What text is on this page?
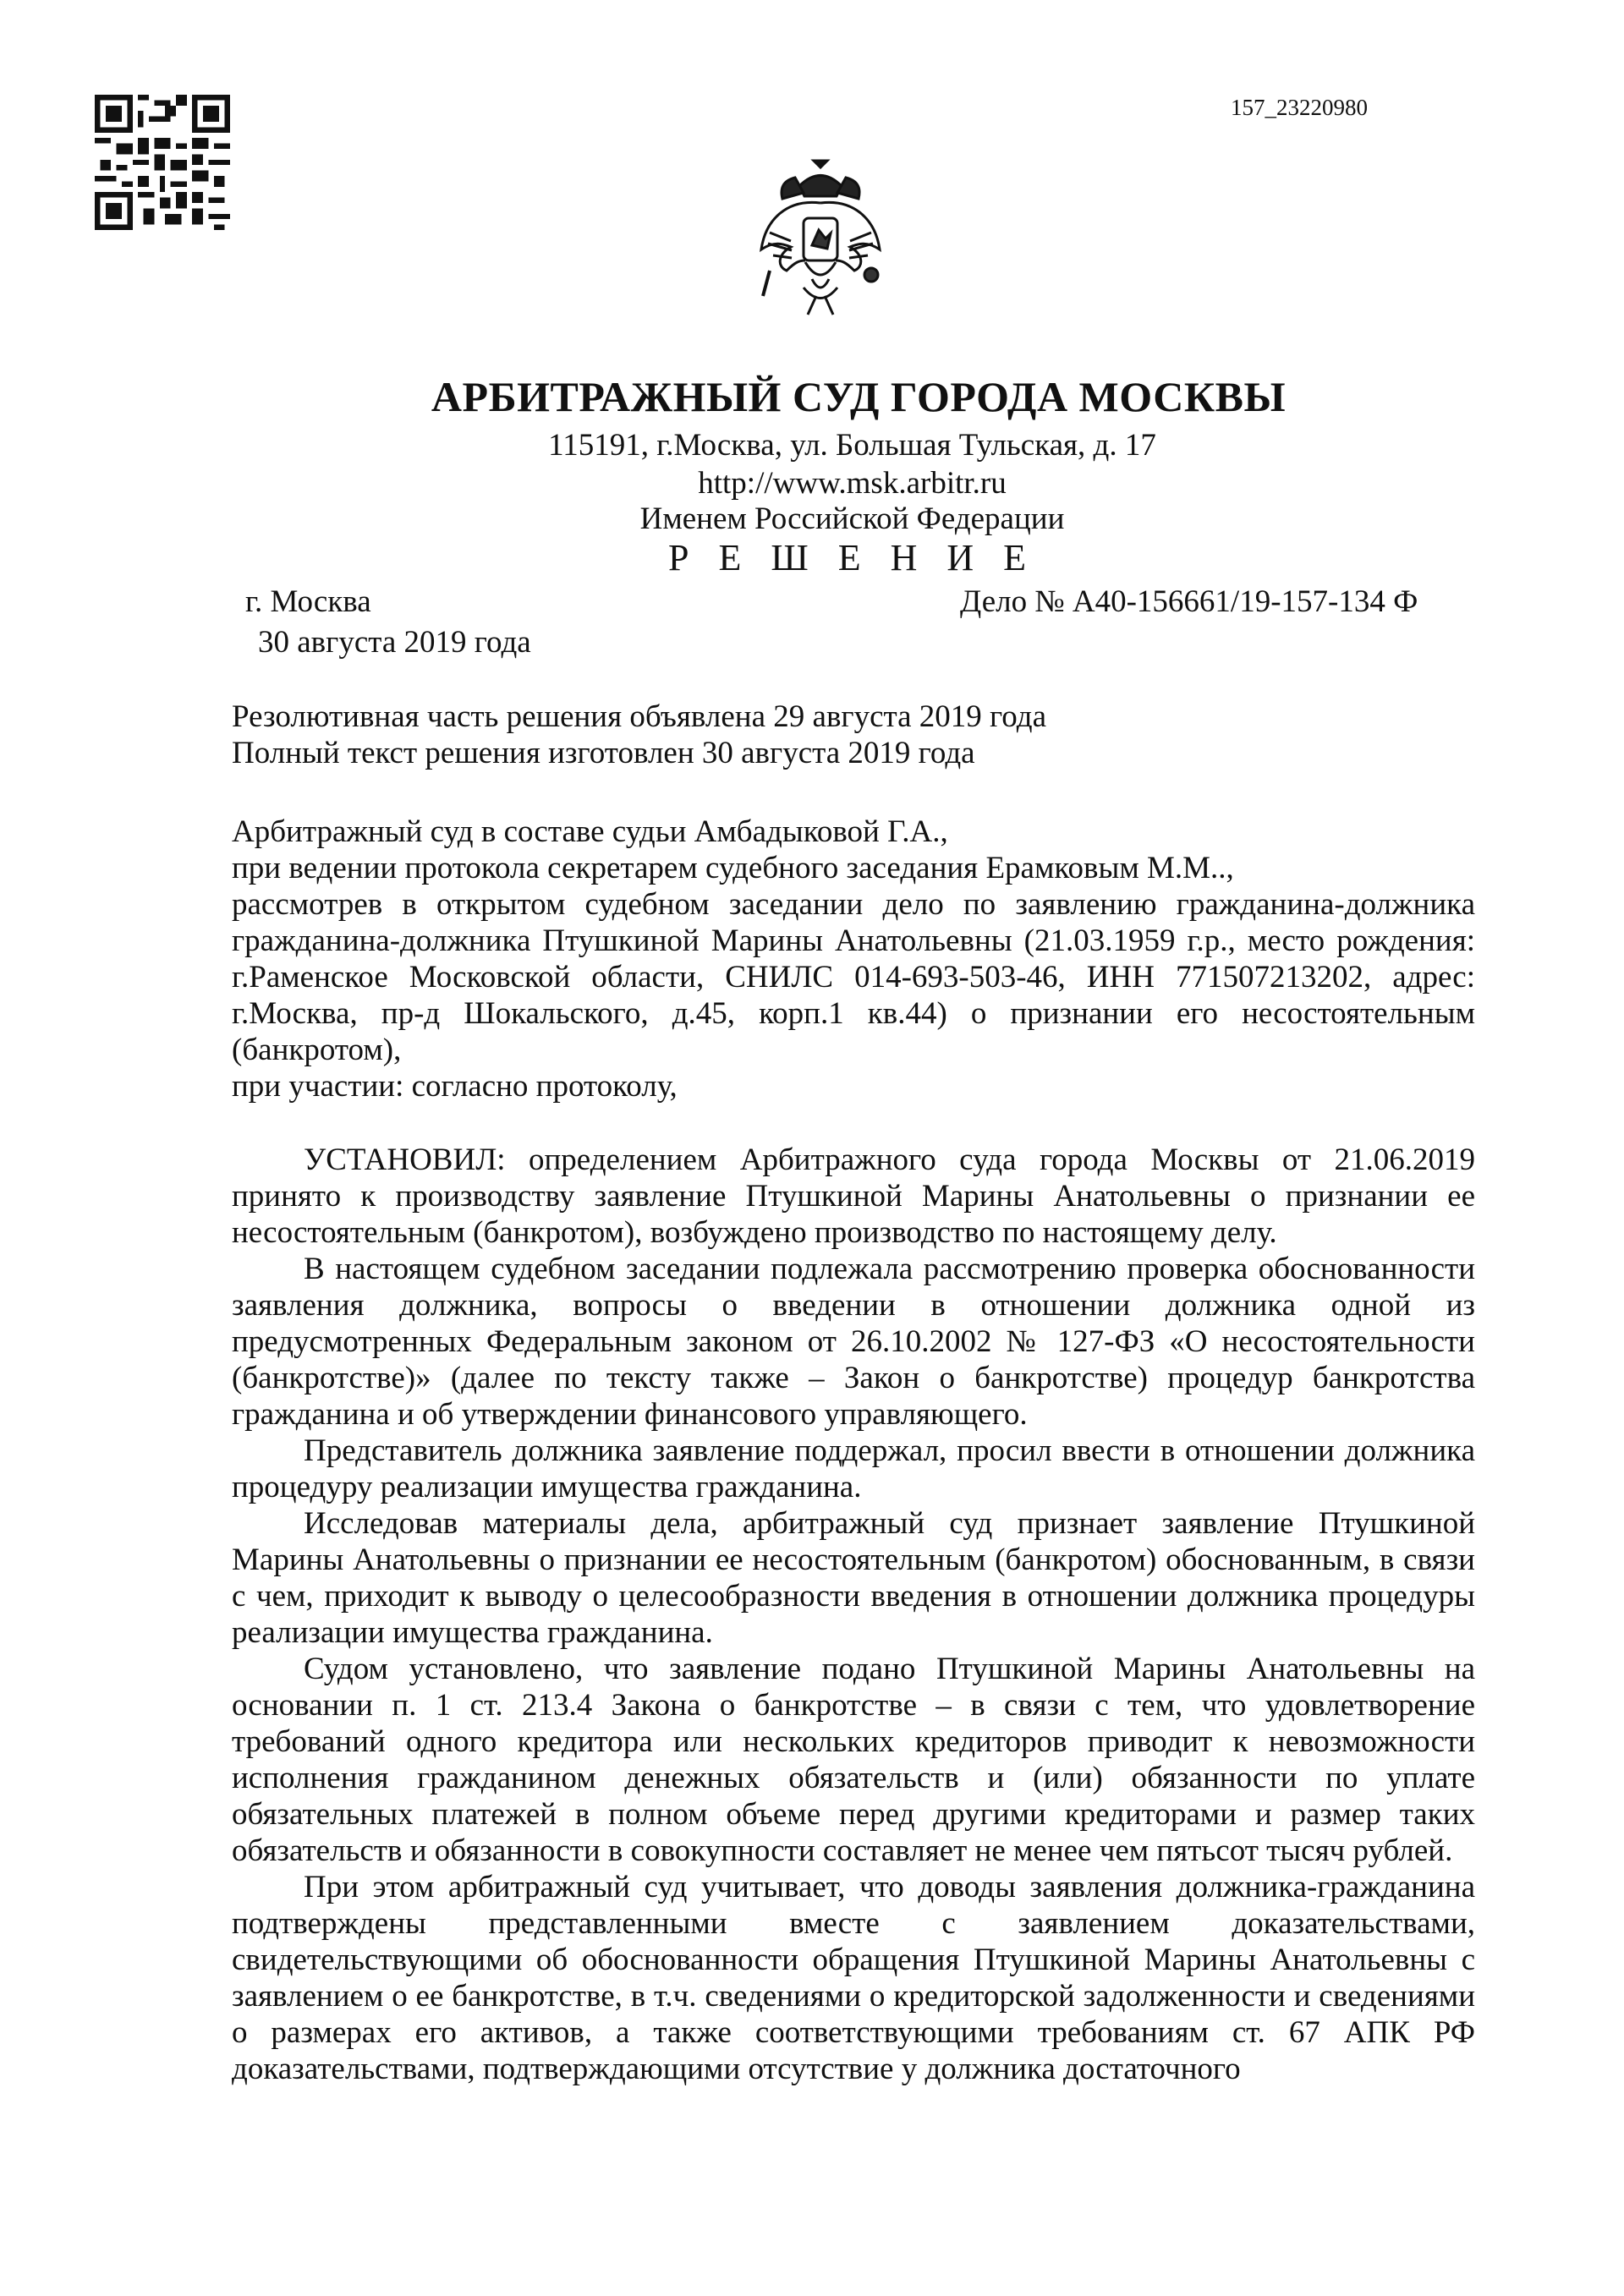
157_23220980
АРБИТРАЖНЫЙ СУД ГОРОДА МОСКВЫ
115191, г.Москва, ул. Большая Тульская, д. 17
http://www.msk.arbitr.ru
Именем Российской Федерации
Р Е Ш Е Н И Е
г. Москва
30 августа 2019 года
Дело № А40-156661/19-157-134 Ф

Резолютивная часть решения объявлена 29 августа 2019 года

Полный текст решения изготовлен 30 августа 2019 года

Арбитражный суд в составе судьи Амбадыковой Г.А.,

при ведении протокола секретарем судебного заседания Ерамковым М.М..,

рассмотрев в открытом судебном заседании дело по заявлению гражданина-должника гражданина-должника Птушкиной Марины Анатольевны (21.03.1959 г.р., место рождения: г.Раменское Московской области, СНИЛС 014-693-503-46, ИНН 771507213202, адрес: г.Москва, пр-д Шокальского, д.45, корп.1 кв.44) о признании его несостоятельным (банкротом),

при участии: согласно протоколу,

УСТАНОВИЛ: определением Арбитражного суда города Москвы от 21.06.2019 принято к производству заявление Птушкиной Марины Анатольевны о признании ее несостоятельным (банкротом), возбуждено производство по настоящему делу.

В настоящем судебном заседании подлежала рассмотрению проверка обоснованности заявления должника, вопросы о введении в отношении должника одной из предусмотренных Федеральным законом от 26.10.2002 № 127-ФЗ «О несостоятельности (банкротстве)» (далее по тексту также – Закон о банкротстве) процедур банкротства гражданина и об утверждении финансового управляющего.

Представитель должника заявление поддержал, просил ввести в отношении должника процедуру реализации имущества гражданина.

Исследовав материалы дела, арбитражный суд признает заявление Птушкиной Марины Анатольевны о признании ее несостоятельным (банкротом) обоснованным, в связи с чем, приходит к выводу о целесообразности введения в отношении должника процедуры реализации имущества гражданина.

Судом установлено, что заявление подано Птушкиной Марины Анатольевны на основании п. 1 ст. 213.4 Закона о банкротстве – в связи с тем, что удовлетворение требований одного кредитора или нескольких кредиторов приводит к невозможности исполнения гражданином денежных обязательств и (или) обязанности по уплате обязательных платежей в полном объеме перед другими кредиторами и размер таких обязательств и обязанности в совокупности составляет не менее чем пятьсот тысяч рублей.

При этом арбитражный суд учитывает, что доводы заявления должника-гражданина подтверждены представленными вместе с заявлением доказательствами, свидетельствующими об обоснованности обращения Птушкиной Марины Анатольевны с заявлением о ее банкротстве, в т.ч. сведениями о кредиторской задолженности и сведениями о размерах его активов, а также соответствующими требованиям ст. 67 АПК РФ доказательствами, подтверждающими отсутствие у должника достаточного
